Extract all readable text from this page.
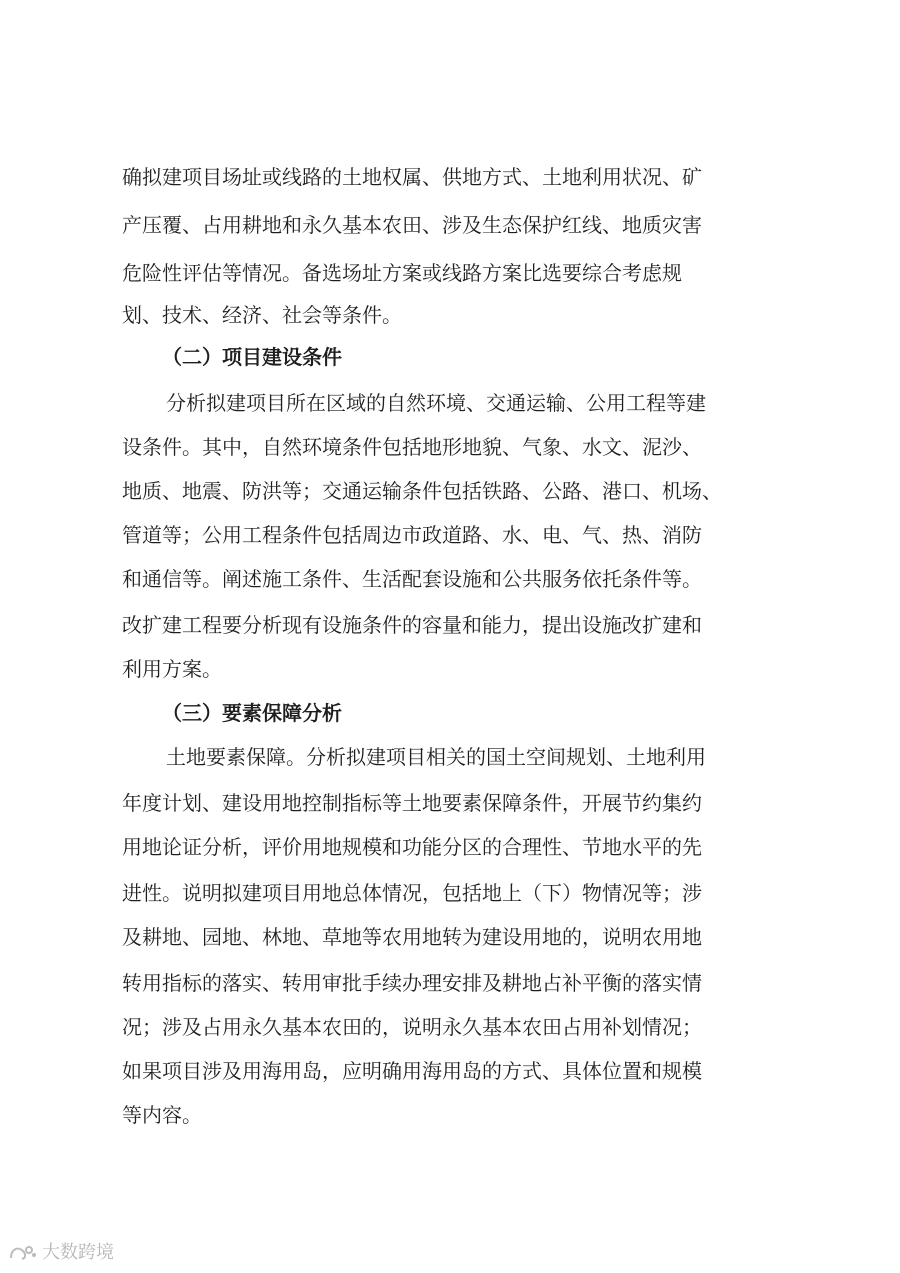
确拟建项目场址或线路的土地权属、供地方式、土地利用状况、矿
产压覆、占用耕地和永久基本农田、涉及生态保护红线、地质灾害
危险性评估等情况。备选场址方案或线路方案比选要综合考虑规
划、技术、经济、社会等条件。
（二）项目建设条件
分析拟建项目所在区域的自然环境、交通运输、公用工程等建
设条件。其中，自然环境条件包括地形地貌、气象、水文、泥沙、
地质、地震、防洪等；交通运输条件包括铁路、公路、港口、机场、
管道等；公用工程条件包括周边市政道路、水、电、气、热、消防
和通信等。阐述施工条件、生活配套设施和公共服务依托条件等。
改扩建工程要分析现有设施条件的容量和能力，提出设施改扩建和
利用方案。
（三）要素保障分析
土地要素保障。分析拟建项目相关的国土空间规划、土地利用
年度计划、建设用地控制指标等土地要素保障条件，开展节约集约
用地论证分析，评价用地规模和功能分区的合理性、节地水平的先
进性。说明拟建项目用地总体情况，包括地上（下）物情况等；涉
及耕地、园地、林地、草地等农用地转为建设用地的，说明农用地
转用指标的落实、转用审批手续办理安排及耕地占补平衡的落实情
况；涉及占用永久基本农田的，说明永久基本农田占用补划情况；
如果项目涉及用海用岛，应明确用海用岛的方式、具体位置和规模
等内容。
大数跨境
